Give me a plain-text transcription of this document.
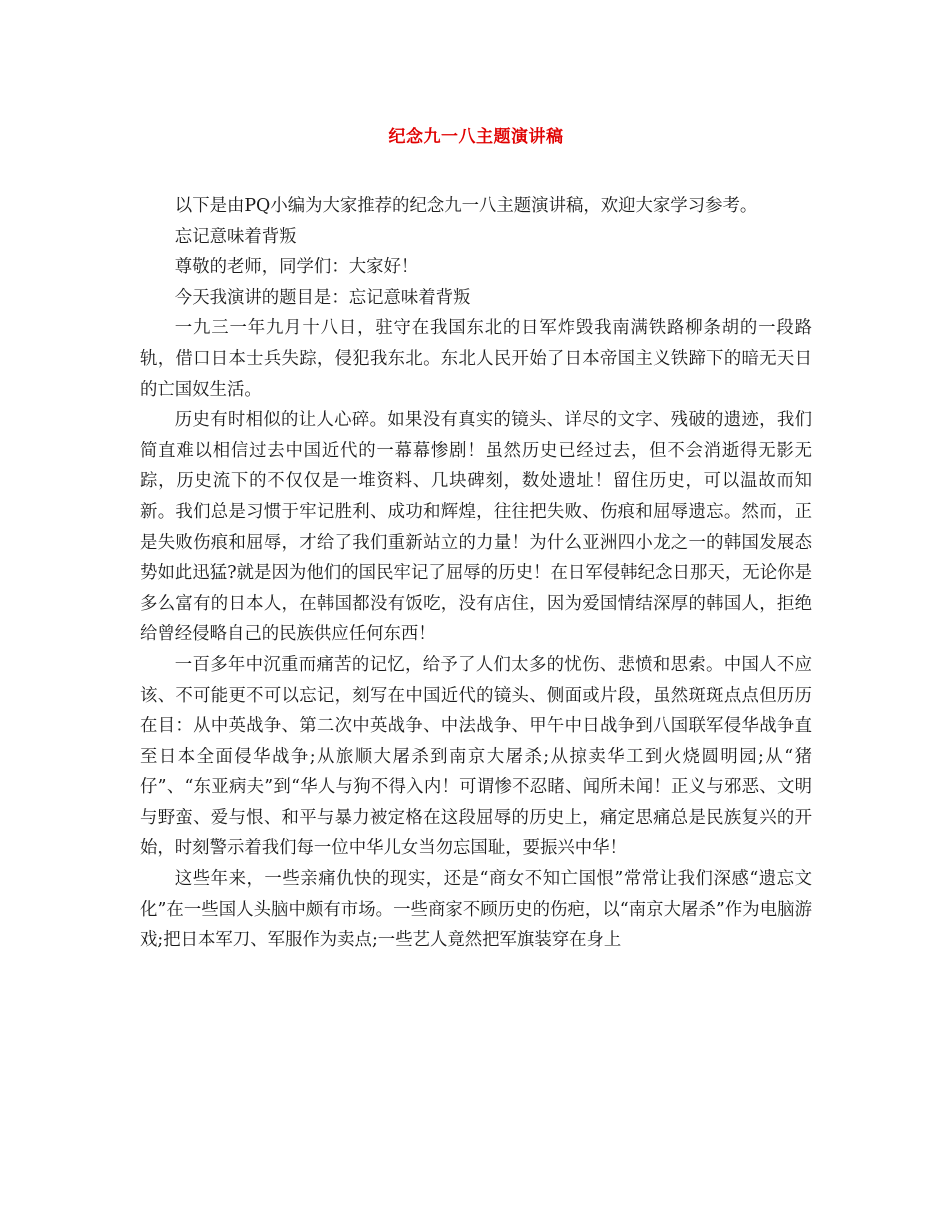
纪念九一八主题演讲稿

以下是由PQ小编为大家推荐的纪念九一八主题演讲稿，欢迎大家学习参考。

忘记意味着背叛

尊敬的老师，同学们：大家好！

今天我演讲的题目是：忘记意味着背叛

一九三一年九月十八日，驻守在我国东北的日军炸毁我南满铁路柳条胡的一段路轨，借口日本士兵失踪，侵犯我东北。东北人民开始了日本帝国主义铁蹄下的暗无天日的亡国奴生活。

历史有时相似的让人心碎。如果没有真实的镜头、详尽的文字、残破的遗迹，我们简直难以相信过去中国近代的一幕幕惨剧！虽然历史已经过去，但不会消逝得无影无踪，历史流下的不仅仅是一堆资料、几块碑刻，数处遗址！留住历史，可以温故而知新。我们总是习惯于牢记胜利、成功和辉煌，往往把失败、伤痕和屈辱遗忘。然而，正是失败伤痕和屈辱，才给了我们重新站立的力量！为什么亚洲四小龙之一的韩国发展态势如此迅猛?就是因为他们的国民牢记了屈辱的历史！在日军侵韩纪念日那天，无论你是多么富有的日本人，在韩国都没有饭吃，没有店住，因为爱国情结深厚的韩国人，拒绝给曾经侵略自己的民族供应任何东西！

一百多年中沉重而痛苦的记忆，给予了人们太多的忧伤、悲愤和思索。中国人不应该、不可能更不可以忘记，刻写在中国近代的镜头、侧面或片段，虽然斑斑点点但历历在目：从中英战争、第二次中英战争、中法战争、甲午中日战争到八国联军侵华战争直至日本全面侵华战争;从旅顺大屠杀到南京大屠杀;从掠卖华工到火烧圆明园;从“猪仔”、“东亚病夫”到“华人与狗不得入内！可谓惨不忍睹、闻所未闻！正义与邪恶、文明与野蛮、爱与恨、和平与暴力被定格在这段屈辱的历史上，痛定思痛总是民族复兴的开始，时刻警示着我们每一位中华儿女当勿忘国耻，要振兴中华！

这些年来，一些亲痛仇快的现实，还是“商女不知亡国恨”常常让我们深感“遗忘文化”在一些国人头脑中颇有市场。一些商家不顾历史的伤疤，以“南京大屠杀”作为电脑游戏;把日本军刀、军服作为卖点;一些艺人竟然把军旗装穿在身上
